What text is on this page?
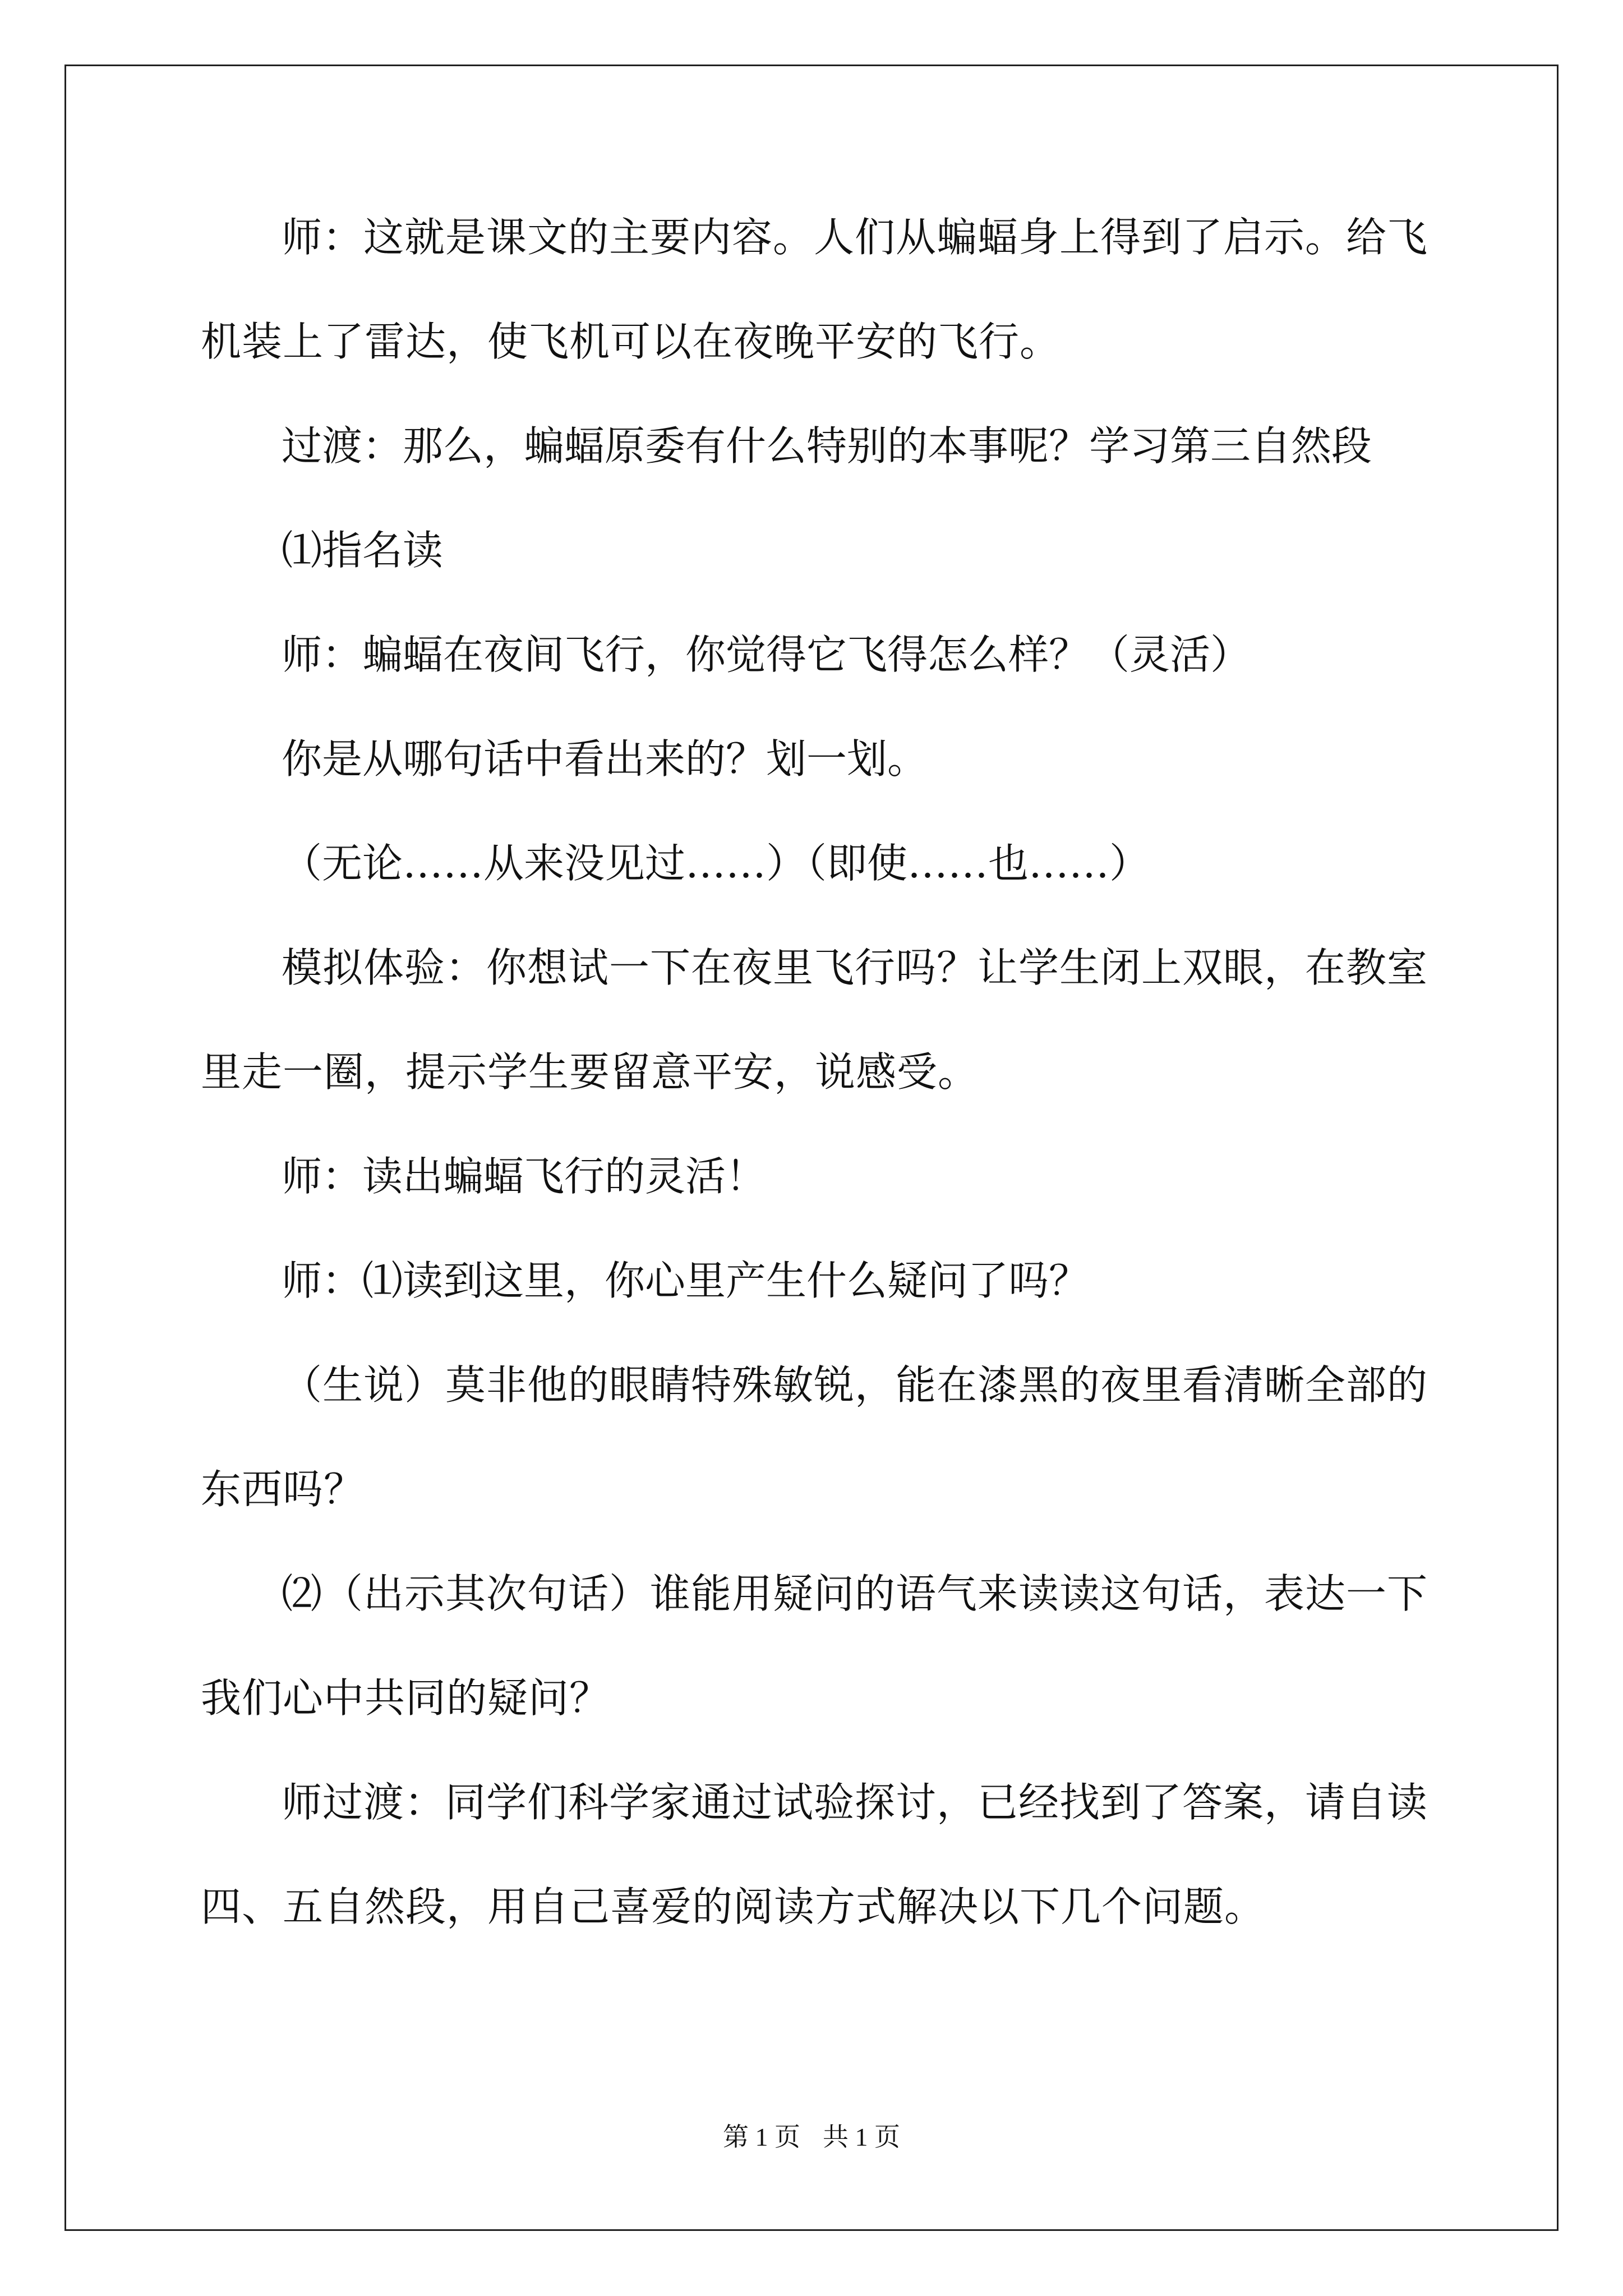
师：这就是课文的主要内容。人们从蝙蝠身上得到了启示。给飞机装上了雷达，使飞机可以在夜晚平安的飞行。

过渡：那么，蝙蝠原委有什么特别的本事呢？学习第三自然段

⑴指名读

师：蝙蝠在夜间飞行，你觉得它飞得怎么样？（灵活）

你是从哪句话中看出来的？划一划。

（无论……从来没见过……）（即使……也……）

模拟体验：你想试一下在夜里飞行吗？让学生闭上双眼，在教室里走一圈，提示学生要留意平安，说感受。

师：读出蝙蝠飞行的灵活！

师：⑴读到这里，你心里产生什么疑问了吗？

（生说）莫非他的眼睛特殊敏锐，能在漆黑的夜里看清晰全部的东西吗？

⑵（出示其次句话）谁能用疑问的语气来读读这句话，表达一下我们心中共同的疑问？

师过渡：同学们科学家通过试验探讨，已经找到了答案，请自读四、五自然段，用自己喜爱的阅读方式解决以下几个问题。

第 1 页 共 1 页
